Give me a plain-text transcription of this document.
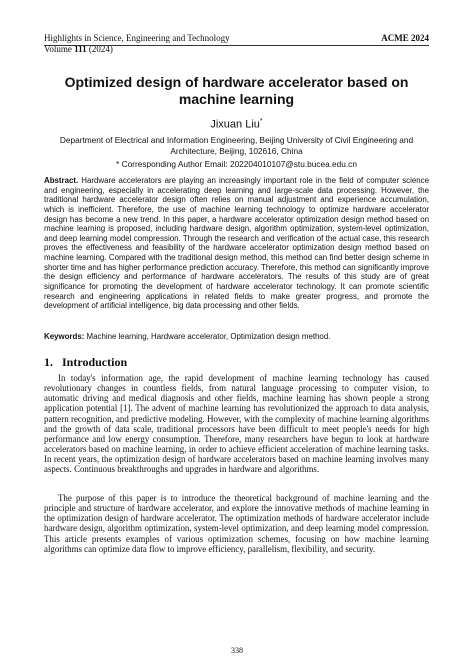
Highlights in Science, Engineering and Technology
Volume 111 (2024)
ACME 2024
Optimized design of hardware accelerator based on machine learning
Jixuan Liu*
Department of Electrical and Information Engineering, Beijing University of Civil Engineering and Architecture, Beijing, 102616, China
* Corresponding Author Email: 202204010107@stu.bucea.edu.cn
Abstract. Hardware accelerators are playing an increasingly important role in the field of computer science and engineering, especially in accelerating deep learning and large-scale data processing. However, the traditional hardware accelerator design often relies on manual adjustment and experience accumulation, which is inefficient. Therefore, the use of machine learning technology to optimize hardware accelerator design has become a new trend. In this paper, a hardware accelerator optimization design method based on machine learning is proposed, including hardware design, algorithm optimization, system-level optimization, and deep learning model compression. Through the research and verification of the actual case, this research proves the effectiveness and feasibility of the hardware accelerator optimization design method based on machine learning. Compared with the traditional design method, this method can find better design scheme in shorter time and has higher performance prediction accuracy. Therefore, this method can significantly improve the design efficiency and performance of hardware accelerators. The results of this study are of great significance for promoting the development of hardware accelerator technology. It can promote scientific research and engineering applications in related fields to make greater progress, and promote the development of artificial intelligence, big data processing and other fields.
Keywords: Machine learning, Hardware accelerator, Optimization design method.
1. Introduction
In today's information age, the rapid development of machine learning technology has caused revolutionary changes in countless fields, from natural language processing to computer vision, to automatic driving and medical diagnosis and other fields, machine learning has shown people a strong application potential [1]. The advent of machine learning has revolutionized the approach to data analysis, pattern recognition, and predictive modeling. However, with the complexity of machine learning algorithms and the growth of data scale, traditional processors have been difficult to meet people's needs for high performance and low energy consumption. Therefore, many researchers have begun to look at hardware accelerators based on machine learning, in order to achieve efficient acceleration of machine learning tasks. In recent years, the optimization design of hardware accelerators based on machine learning involves many aspects. Continuous breakthroughs and upgrades in hardware and algorithms.
The purpose of this paper is to introduce the theoretical background of machine learning and the principle and structure of hardware accelerator, and explore the innovative methods of machine learning in the optimization design of hardware accelerator. The optimization methods of hardware accelerator include hardware design, algorithm optimization, system-level optimization, and deep learning model compression. This article presents examples of various optimization schemes, focusing on how machine learning algorithms can optimize data flow to improve efficiency, parallelism, flexibility, and security.
338
